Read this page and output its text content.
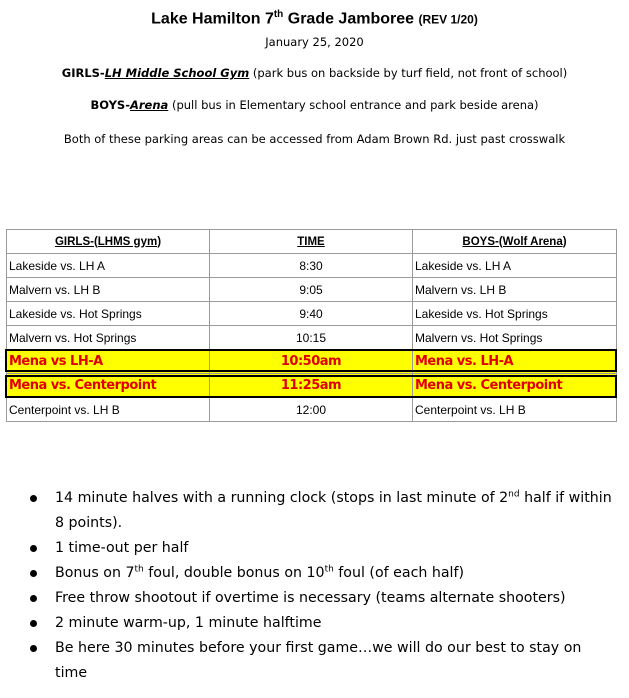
Lake Hamilton 7th Grade Jamboree (REV 1/20)
January 25, 2020
GIRLS-LH Middle School Gym (park bus on backside by turf field, not front of school)
BOYS-Arena (pull bus in Elementary school entrance and park beside arena)
Both of these parking areas can be accessed from Adam Brown Rd. just past crosswalk
GIRLS-(LHMS gym)	TIME	BOYS-(Wolf Arena)
Lakeside vs. LH A	8:30	Lakeside vs. LH A
Malvern vs. LH B	9:05	Malvern vs. LH B
Lakeside vs. Hot Springs	9:40	Lakeside vs. Hot Springs
Malvern vs. Hot Springs	10:15	Malvern vs. Hot Springs
Mena vs LH-A	10:50am	Mena vs. LH-A
Mena vs. Centerpoint	11:25am	Mena vs. Centerpoint
Centerpoint vs. LH B	12:00	Centerpoint vs. LH B
14 minute halves with a running clock (stops in last minute of 2nd half if within 8 points).
1 time-out per half
Bonus on 7th foul, double bonus on 10th foul (of each half)
Free throw shootout if overtime is necessary (teams alternate shooters)
2 minute warm-up, 1 minute halftime
Be here 30 minutes before your first game…we will do our best to stay on time
